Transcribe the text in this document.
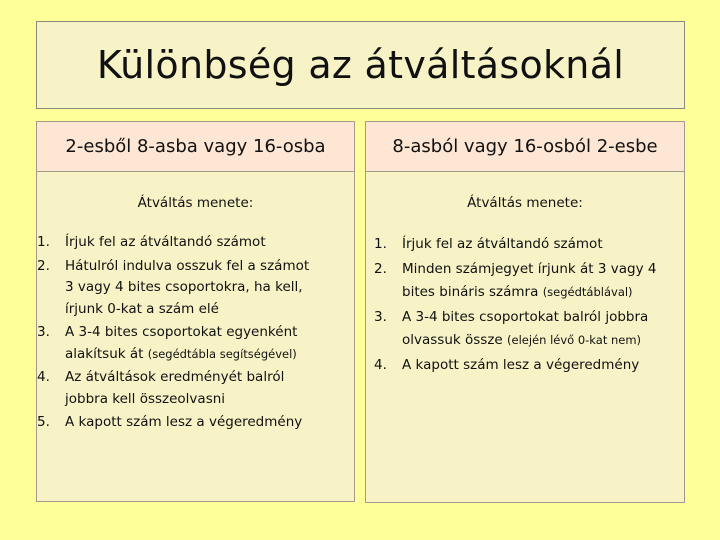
Különbség az átváltásoknál
2-esből 8-asba vagy 16-osba
Átváltás menete:
Írjuk fel az átváltandó számot
Hátulról indulva osszuk fel a számot
3 vagy 4 bites csoportokra, ha kell,
írjunk 0-kat a szám elé
A 3-4 bites csoportokat egyenként
alakítsuk át (segédtábla segítségével)
Az átváltások eredményét balról
jobbra kell összeolvasni
A kapott szám lesz a végeredmény
8-asból vagy 16-osból 2-esbe
Átváltás menete:
Írjuk fel az átváltandó számot
Minden számjegyet írjunk át 3 vagy 4
bites bináris számra (segédtáblával)
A 3-4 bites csoportokat balról jobbra
olvassuk össze (elején lévő 0-kat nem)
A kapott szám lesz a végeredmény
